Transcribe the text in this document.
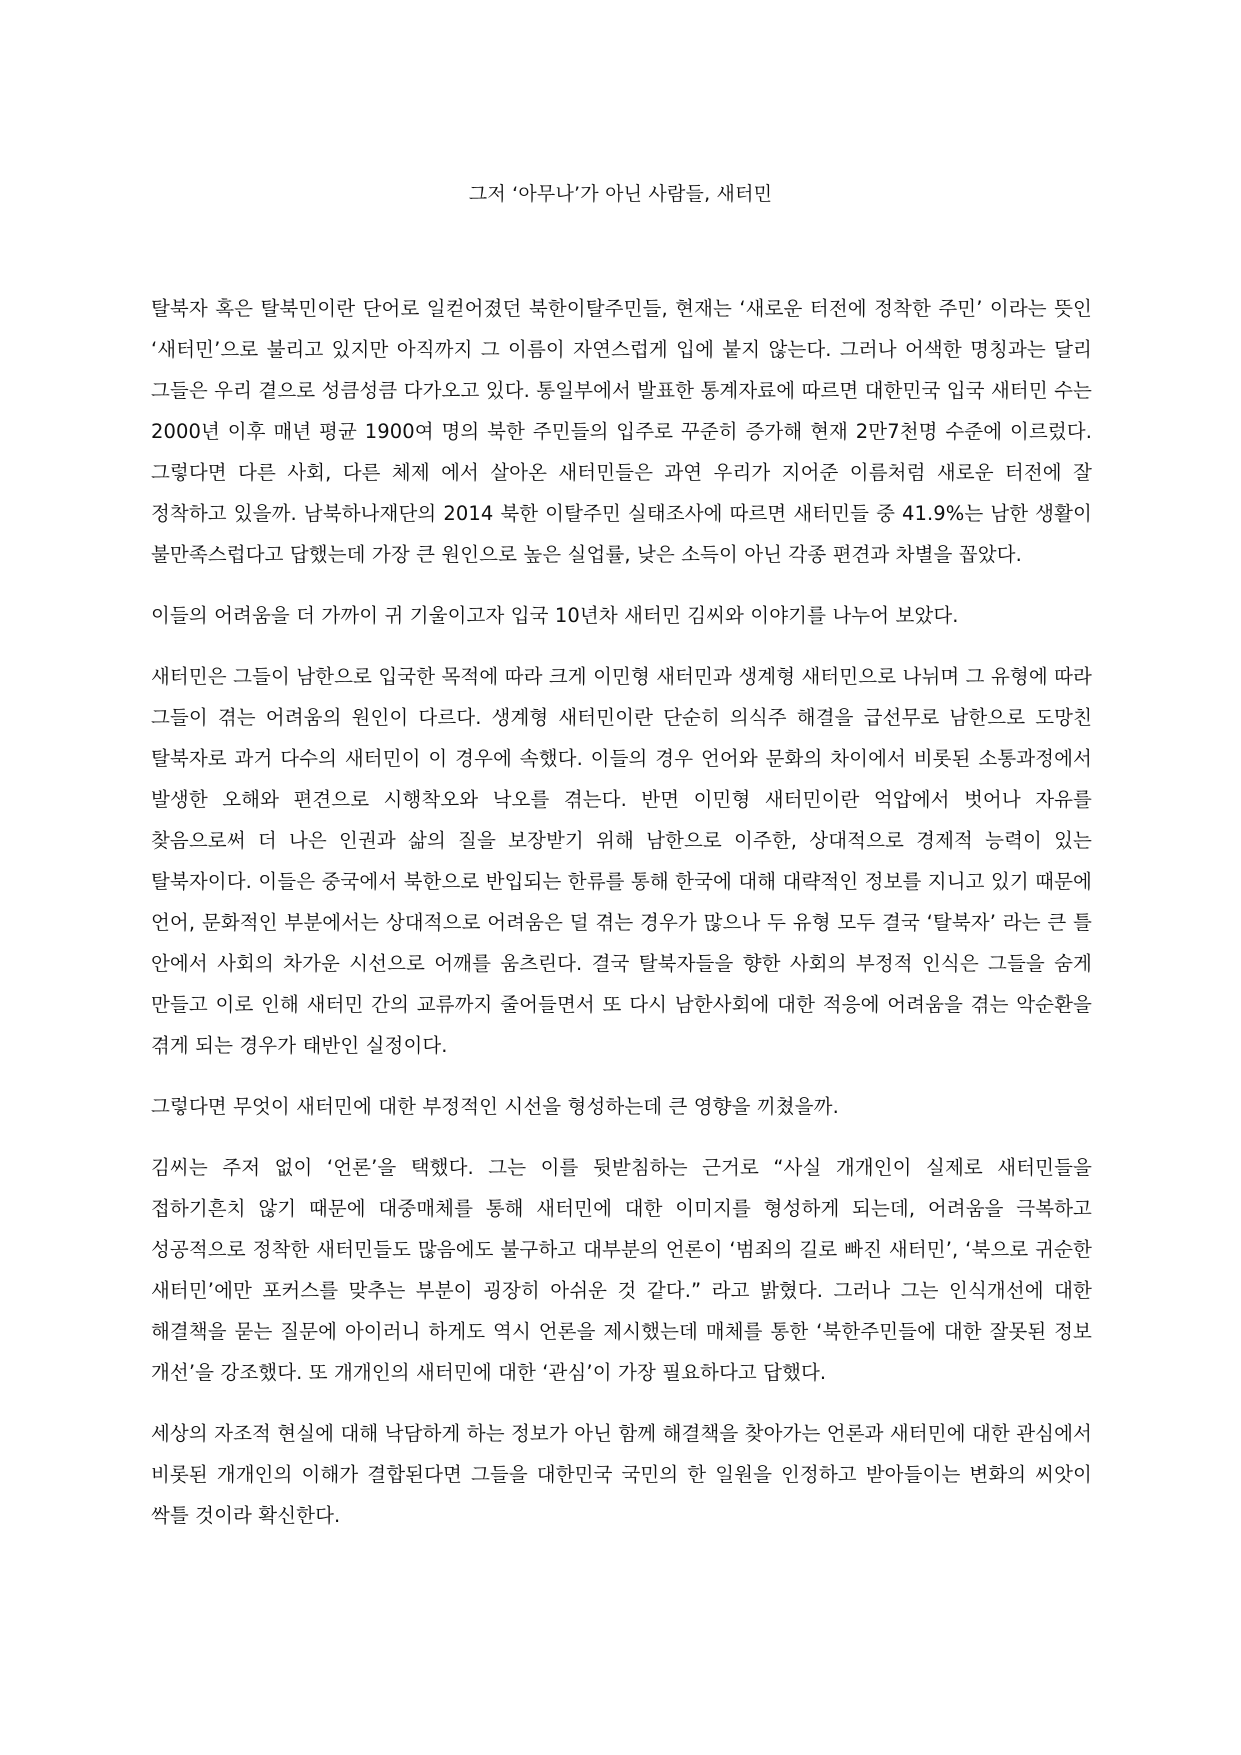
그저 ‘아무나’가 아닌 사람들, 새터민

탈북자 혹은 탈북민이란 단어로 일컫어졌던 북한이탈주민들, 현재는 ‘새로운 터전에 정착한 주민’ 이라는 뜻인 ‘새터민’으로 불리고 있지만 아직까지 그 이름이 자연스럽게 입에 붙지 않는다. 그러나 어색한 명칭과는 달리 그들은 우리 곁으로 성큼성큼 다가오고 있다. 통일부에서 발표한 통계자료에 따르면 대한민국 입국 새터민 수는 2000년 이후 매년 평균 1900여 명의 북한 주민들의 입주로 꾸준히 증가해 현재 2만7천명 수준에 이르렀다. 그렇다면 다른 사회, 다른 체제 에서 살아온 새터민들은 과연 우리가 지어준 이름처럼 새로운 터전에 잘 정착하고 있을까. 남북하나재단의 2014 북한 이탈주민 실태조사에 따르면 새터민들 중 41.9%는 남한 생활이 불만족스럽다고 답했는데 가장 큰 원인으로 높은 실업률, 낮은 소득이 아닌 각종 편견과 차별을 꼽았다.

이들의 어려움을 더 가까이 귀 기울이고자 입국 10년차 새터민 김씨와 이야기를 나누어 보았다.

새터민은 그들이 남한으로 입국한 목적에 따라 크게 이민형 새터민과 생계형 새터민으로 나뉘며 그 유형에 따라 그들이 겪는 어려움의 원인이 다르다. 생계형 새터민이란 단순히 의식주 해결을 급선무로 남한으로 도망친 탈북자로 과거 다수의 새터민이 이 경우에 속했다. 이들의 경우 언어와 문화의 차이에서 비롯된 소통과정에서 발생한 오해와 편견으로 시행착오와 낙오를 겪는다. 반면 이민형 새터민이란 억압에서 벗어나 자유를 찾음으로써 더 나은 인권과 삶의 질을 보장받기 위해 남한으로 이주한, 상대적으로 경제적 능력이 있는 탈북자이다. 이들은 중국에서 북한으로 반입되는 한류를 통해 한국에 대해 대략적인 정보를 지니고 있기 때문에 언어, 문화적인 부분에서는 상대적으로 어려움은 덜 겪는 경우가 많으나 두 유형 모두 결국 ‘탈북자’ 라는 큰 틀 안에서 사회의 차가운 시선으로 어깨를 움츠린다. 결국 탈북자들을 향한 사회의 부정적 인식은 그들을 숨게 만들고 이로 인해 새터민 간의 교류까지 줄어들면서 또 다시 남한사회에 대한 적응에 어려움을 겪는 악순환을 겪게 되는 경우가 태반인 실정이다.

그렇다면 무엇이 새터민에 대한 부정적인 시선을 형성하는데 큰 영향을 끼쳤을까.

김씨는 주저 없이 ‘언론’을 택했다. 그는 이를 뒷받침하는 근거로 “사실 개개인이 실제로 새터민들을 접하기흔치 않기 때문에 대중매체를 통해 새터민에 대한 이미지를 형성하게 되는데, 어려움을 극복하고 성공적으로 정착한 새터민들도 많음에도 불구하고 대부분의 언론이 ‘범죄의 길로 빠진 새터민’, ‘북으로 귀순한 새터민’에만 포커스를 맞추는 부분이 굉장히 아쉬운 것 같다.” 라고 밝혔다. 그러나 그는 인식개선에 대한 해결책을 묻는 질문에 아이러니 하게도 역시 언론을 제시했는데 매체를 통한 ‘북한주민들에 대한 잘못된 정보 개선’을 강조했다. 또 개개인의 새터민에 대한 ‘관심’이 가장 필요하다고 답했다.

세상의 자조적 현실에 대해 낙담하게 하는 정보가 아닌 함께 해결책을 찾아가는 언론과 새터민에 대한 관심에서 비롯된 개개인의 이해가 결합된다면 그들을 대한민국 국민의 한 일원을 인정하고 받아들이는 변화의 씨앗이 싹틀 것이라 확신한다.
